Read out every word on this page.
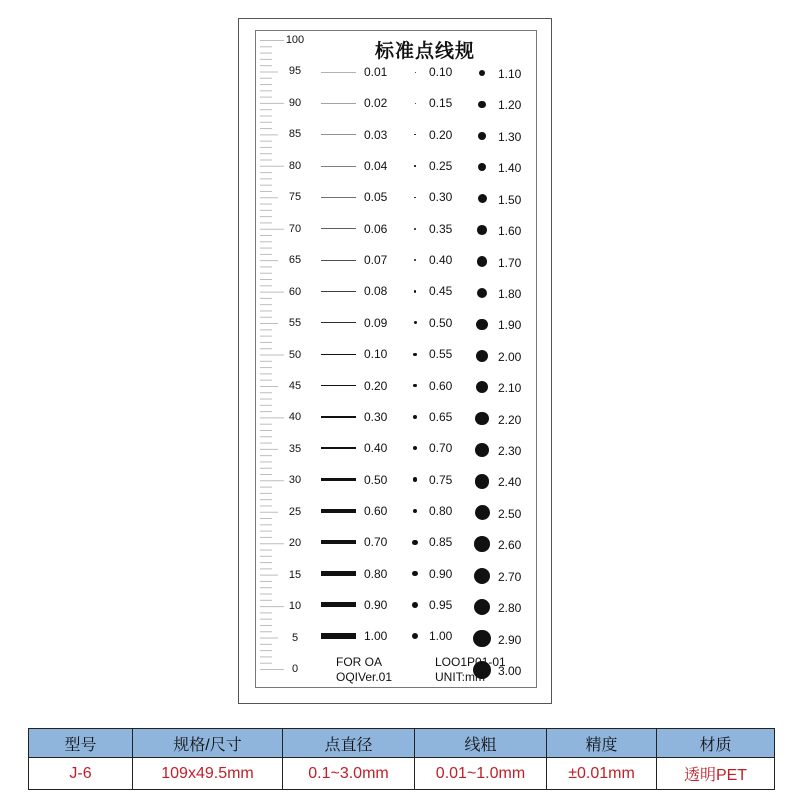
标准点线规
100
95
90
85
80
75
70
65
60
55
50
45
40
35
30
25
20
15
10
5
0
0.01
0.02
0.03
0.04
0.05
0.06
0.07
0.08
0.09
0.10
0.20
0.30
0.40
0.50
0.60
0.70
0.80
0.90
1.00
0.10
0.15
0.20
0.25
0.30
0.35
0.40
0.45
0.50
0.55
0.60
0.65
0.70
0.75
0.80
0.85
0.90
0.95
1.00
1.10
1.20
1.30
1.40
1.50
1.60
1.70
1.80
1.90
2.00
2.10
2.20
2.30
2.40
2.50
2.60
2.70
2.80
2.90
3.00
FOR OA
OQIVer.01
LOO1P01-01
UNIT:mm
型号	规格/尺寸	点直径	线粗	精度	材质
J-6	109x49.5mm	0.1~3.0mm	0.01~1.0mm	±0.01mm	透明PET
